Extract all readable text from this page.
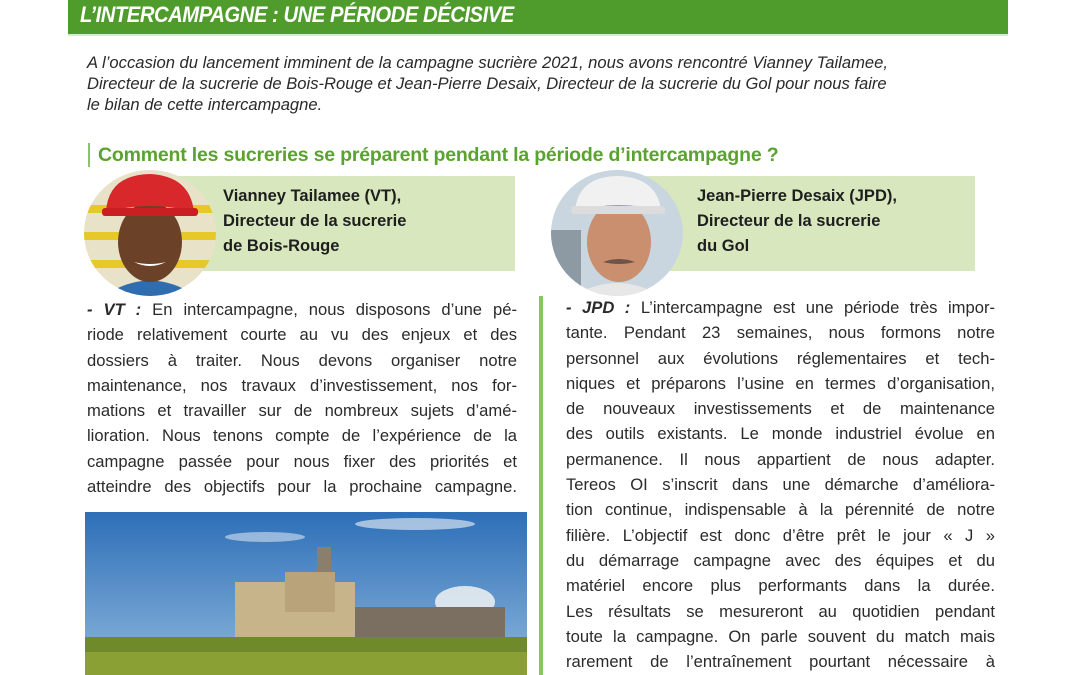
L’INTERCAMPAGNE : UNE PÉRIODE DÉCISIVE
A l’occasion du lancement imminent de la campagne sucrière 2021, nous avons rencontré Vianney Tailamee,
Directeur de la sucrerie de Bois-Rouge et Jean-Pierre Desaix, Directeur de la sucrerie du Gol pour nous faire
le bilan de cette intercampagne.
Comment les sucreries se préparent pendant la période d’intercampagne ?
Vianney Tailamee (VT),
Directeur de la sucrerie
de Bois-Rouge
Jean-Pierre Desaix (JPD),
Directeur de la sucrerie
du Gol
- VT : En intercampagne, nous disposons d’une pé-
riode relativement courte au vu des enjeux et des
dossiers à traiter. Nous devons organiser notre
maintenance, nos travaux d’investissement, nos for-
mations et travailler sur de nombreux sujets d’amé-
lioration. Nous tenons compte de l’expérience de la
campagne passée pour nous fixer des priorités et
atteindre des objectifs pour la prochaine campagne.
- JPD : L’intercampagne est une période très impor-
tante. Pendant 23 semaines, nous formons notre
personnel aux évolutions réglementaires et tech-
niques et préparons l’usine en termes d’organisation,
de nouveaux investissements et de maintenance
des outils existants. Le monde industriel évolue en
permanence. Il nous appartient de nous adapter.
Tereos OI s’inscrit dans une démarche d’améliora-
tion continue, indispensable à la pérennité de notre
filière. L’objectif est donc d’être prêt le jour « J »
du démarrage campagne avec des équipes et du
matériel encore plus performants dans la durée.
Les résultats se mesureront au quotidien pendant
toute la campagne. On parle souvent du match mais
rarement de l’entraînement pourtant nécessaire à
